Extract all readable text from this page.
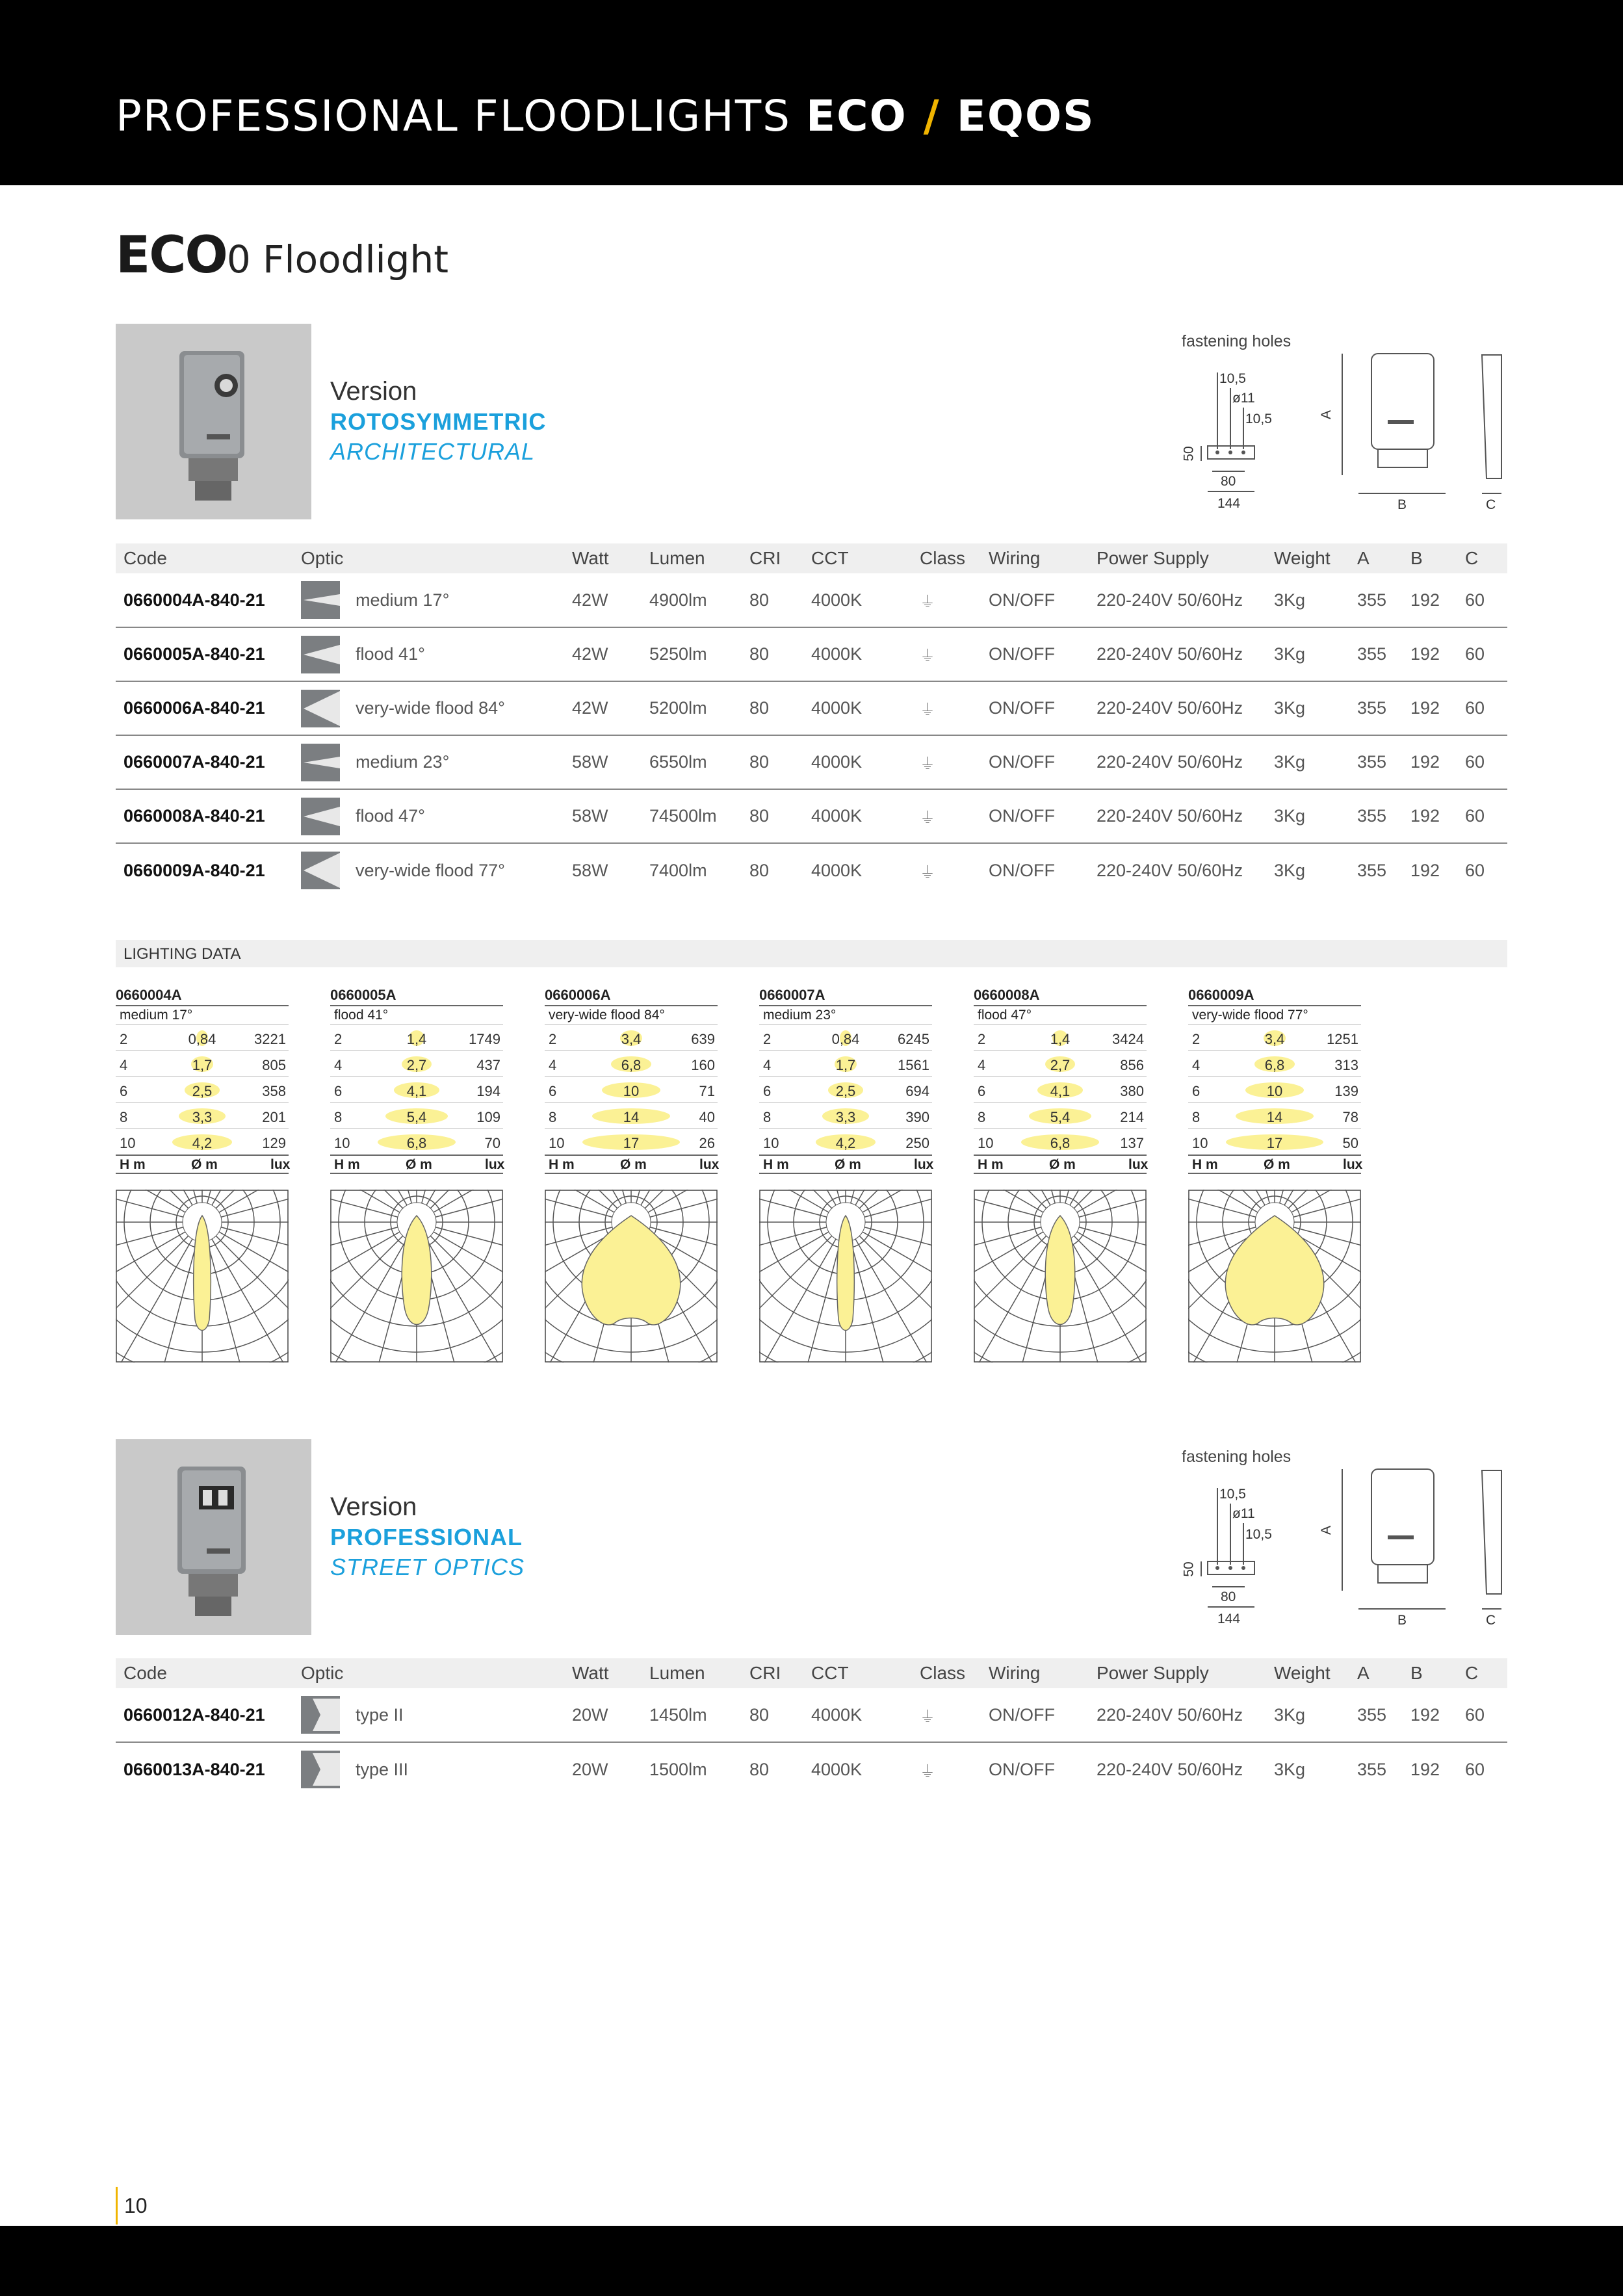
PROFESSIONAL FLOODLIGHTS ECO / EQOS
ECO0 Floodlight
Version
ROTOSYMMETRIC
ARCHITECTURAL
fastening holes
10,5
ø11
10,5
50
80
144
A
B	C
Code	Optic	Watt	Lumen	CRI	CCT	Class	Wiring	Power Supply	Weight	A	B	C
0660004A-840-21	medium 17°	42W	4900lm	80	4000K	⏚	ON/OFF	220-240V 50/60Hz	3Kg	355	192	60
0660005A-840-21	flood 41°	42W	5250lm	80	4000K	⏚	ON/OFF	220-240V 50/60Hz	3Kg	355	192	60
0660006A-840-21	very-wide flood 84°	42W	5200lm	80	4000K	⏚	ON/OFF	220-240V 50/60Hz	3Kg	355	192	60
0660007A-840-21	medium 23°	58W	6550lm	80	4000K	⏚	ON/OFF	220-240V 50/60Hz	3Kg	355	192	60
0660008A-840-21	flood 47°	58W	74500lm	80	4000K	⏚	ON/OFF	220-240V 50/60Hz	3Kg	355	192	60
0660009A-840-21	very-wide flood 77°	58W	7400lm	80	4000K	⏚	ON/OFF	220-240V 50/60Hz	3Kg	355	192	60
LIGHTING DATA
0660004A
medium 17°
2	0,84	3221
4	1,7	805
6	2,5	358
8	3,3	201
10	4,2	129
H m	Ø m	lux
0660005A
flood 41°
2	1,4	1749
4	2,7	437
6	4,1	194
8	5,4	109
10	6,8	70
H m	Ø m	lux
0660006A
very-wide flood 84°
2	3,4	639
4	6,8	160
6	10	71
8	14	40
10	17	26
H m	Ø m	lux
0660007A
medium 23°
2	0,84	6245
4	1,7	1561
6	2,5	694
8	3,3	390
10	4,2	250
H m	Ø m	lux
0660008A
flood 47°
2	1,4	3424
4	2,7	856
6	4,1	380
8	5,4	214
10	6,8	137
H m	Ø m	lux
0660009A
very-wide flood 77°
2	3,4	1251
4	6,8	313
6	10	139
8	14	78
10	17	50
H m	Ø m	lux
Version
PROFESSIONAL
STREET OPTICS
fastening holes
10,5
ø11
10,5
50
80
144
A
B	C
Code	Optic	Watt	Lumen	CRI	CCT	Class	Wiring	Power Supply	Weight	A	B	C
0660012A-840-21	type II	20W	1450lm	80	4000K	⏚	ON/OFF	220-240V 50/60Hz	3Kg	355	192	60
0660013A-840-21	type III	20W	1500lm	80	4000K	⏚	ON/OFF	220-240V 50/60Hz	3Kg	355	192	60
10
